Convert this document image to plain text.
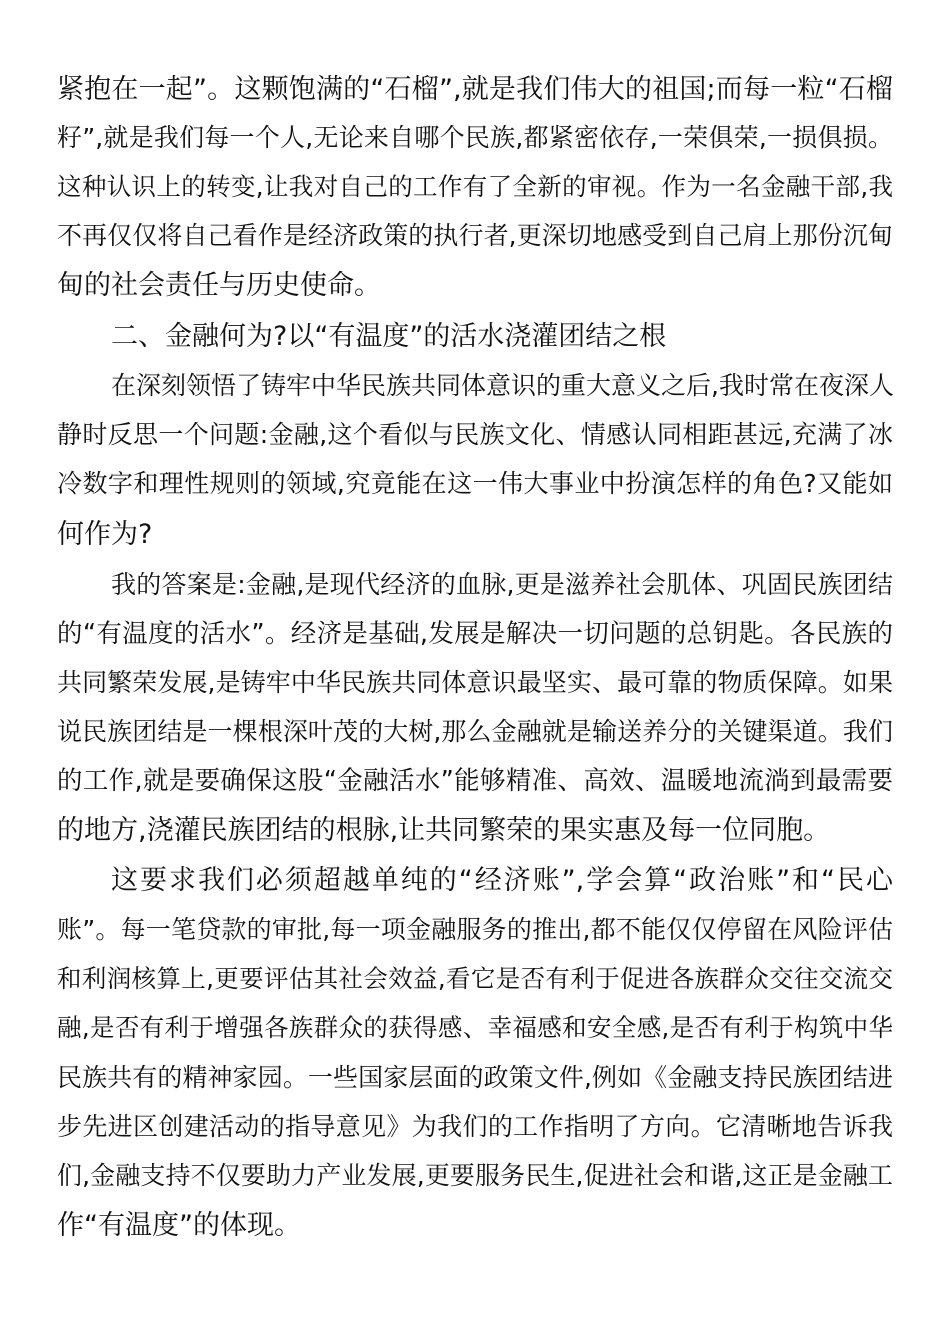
紧抱在一起”。这颗饱满的“石榴”,就是我们伟大的祖国;而每一粒“石榴
籽”,就是我们每一个人,无论来自哪个民族,都紧密依存,一荣俱荣,一损俱损。
这种认识上的转变,让我对自己的工作有了全新的审视。作为一名金融干部,我
不再仅仅将自己看作是经济政策的执行者,更深切地感受到自己肩上那份沉甸
甸的社会责任与历史使命。
二、金融何为?以“有温度”的活水浇灌团结之根
在深刻领悟了铸牢中华民族共同体意识的重大意义之后,我时常在夜深人
静时反思一个问题:金融,这个看似与民族文化、情感认同相距甚远,充满了冰
冷数字和理性规则的领域,究竟能在这一伟大事业中扮演怎样的角色?又能如
何作为?
我的答案是:金融,是现代经济的血脉,更是滋养社会肌体、巩固民族团结
的“有温度的活水”。经济是基础,发展是解决一切问题的总钥匙。各民族的
共同繁荣发展,是铸牢中华民族共同体意识最坚实、最可靠的物质保障。如果
说民族团结是一棵根深叶茂的大树,那么金融就是输送养分的关键渠道。我们
的工作,就是要确保这股“金融活水”能够精准、高效、温暖地流淌到最需要
的地方,浇灌民族团结的根脉,让共同繁荣的果实惠及每一位同胞。
这要求我们必须超越单纯的“经济账”,学会算“政治账”和“民心
账”。每一笔贷款的审批,每一项金融服务的推出,都不能仅仅停留在风险评估
和利润核算上,更要评估其社会效益,看它是否有利于促进各族群众交往交流交
融,是否有利于增强各族群众的获得感、幸福感和安全感,是否有利于构筑中华
民族共有的精神家园。一些国家层面的政策文件,例如《金融支持民族团结进
步先进区创建活动的指导意见》为我们的工作指明了方向。它清晰地告诉我
们,金融支持不仅要助力产业发展,更要服务民生,促进社会和谐,这正是金融工
作“有温度”的体现。
